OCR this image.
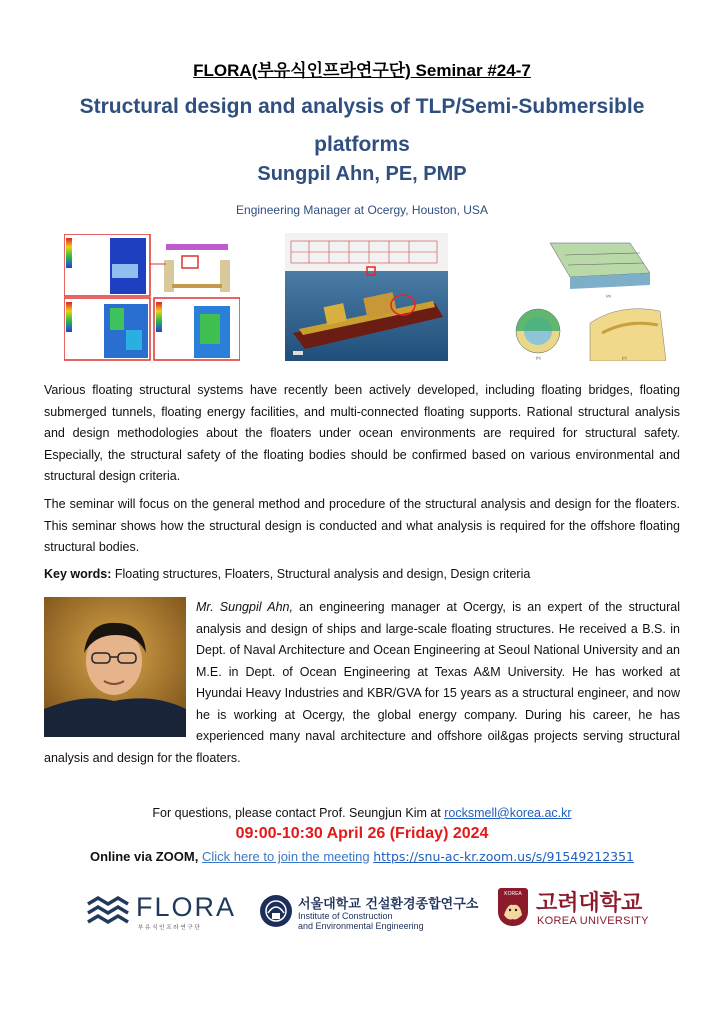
FLORA(부유식인프라연구단) Seminar #24-7
Structural design and analysis of TLP/Semi-Submersible platforms
Sungpil Ahn, PE, PMP
Engineering Manager at Ocergy, Houston, USA
(a)
(b)	(c)
Various floating structural systems have recently been actively developed, including floating bridges, floating submerged tunnels, floating energy facilities, and multi-connected floating supports. Rational structural analysis and design methodologies about the floaters under ocean environments are required for structural safety. Especially, the structural safety of the floating bodies should be confirmed based on various environmental and structural design criteria.
The seminar will focus on the general method and procedure of the structural analysis and design for the floaters. This seminar shows how the structural design is conducted and what analysis is required for the offshore floating structural bodies.
Key words: Floating structures, Floaters, Structural analysis and design, Design criteria
Mr. Sungpil Ahn, an engineering manager at Ocergy, is an expert of the structural analysis and design of ships and large-scale floating structures. He received a B.S. in Dept. of Naval Architecture and Ocean Engineering at Seoul National University and an M.E. in Dept. of Ocean Engineering at Texas A&M University. He has worked at Hyundai Heavy Industries and KBR/GVA for 15 years as a structural engineer, and now he is working at Ocergy, the global energy company. During his career, he has experienced many naval architecture and offshore oil&gas projects serving structural analysis and design for the floaters.
For questions, please contact Prof. Seungjun Kim at rocksmell@korea.ac.kr
09:00-10:30 April 26 (Friday) 2024
Online via ZOOM, Click here to join the meeting https://snu-ac-kr.zoom.us/s/91549212351
FLORA
부 유 식 인 프 라 연 구 단
서울대학교 건설환경종합연구소
Institute of Construction
and Environmental Engineering
KOREA 고려대학교
KOREA UNIVERSITY
